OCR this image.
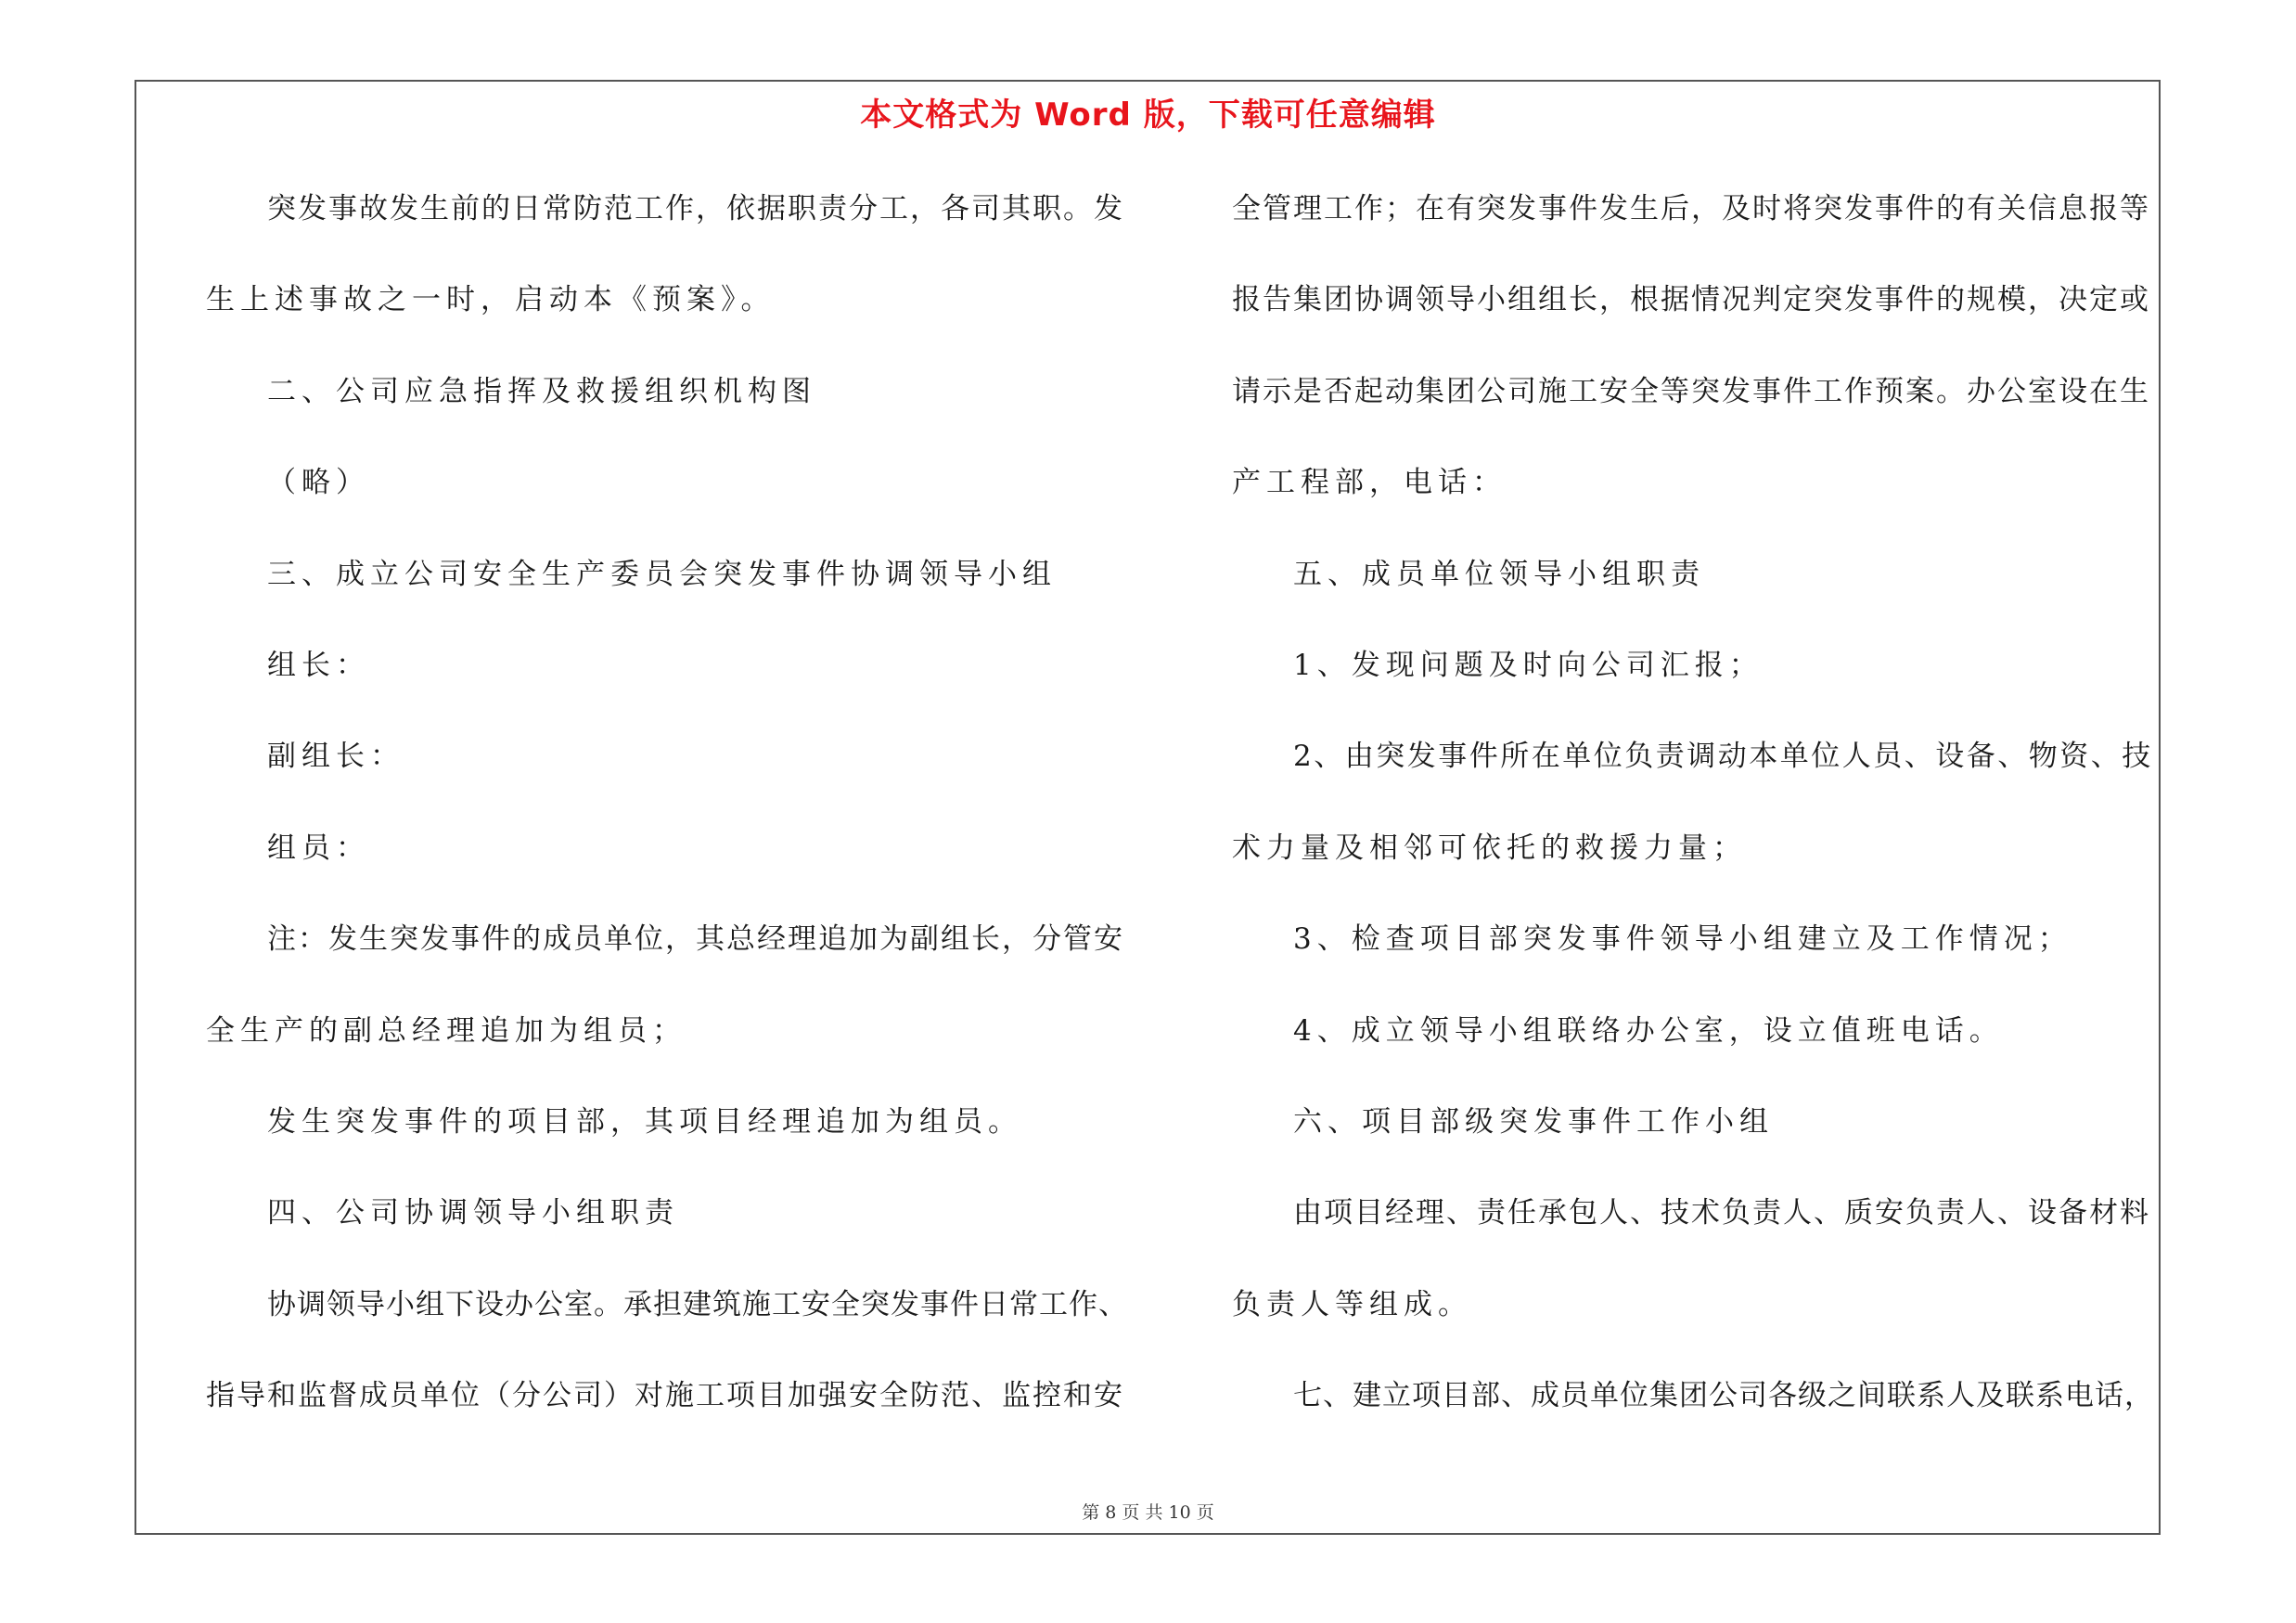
本文格式为 Word 版，下载可任意编辑
突发事故发生前的日常防范工作，依据职责分工，各司其职。发
生上述事故之一时，启动本《预案》。
二、公司应急指挥及救援组织机构图
（略）
三、成立公司安全生产委员会突发事件协调领导小组
组长：
副组长：
组员：
注：发生突发事件的成员单位，其总经理追加为副组长，分管安
全生产的副总经理追加为组员；
发生突发事件的项目部，其项目经理追加为组员。
四、公司协调领导小组职责
协调领导小组下设办公室。承担建筑施工安全突发事件日常工作、
指导和监督成员单位（分公司）对施工项目加强安全防范、监控和安
全管理工作；在有突发事件发生后，及时将突发事件的有关信息报等
报告集团协调领导小组组长，根据情况判定突发事件的规模，决定或
请示是否起动集团公司施工安全等突发事件工作预案。办公室设在生
产工程部，电话：
五、成员单位领导小组职责
1、发现问题及时向公司汇报；
2、由突发事件所在单位负责调动本单位人员、设备、物资、技
术力量及相邻可依托的救援力量；
3、检查项目部突发事件领导小组建立及工作情况；
4、成立领导小组联络办公室，设立值班电话。
六、项目部级突发事件工作小组
由项目经理、责任承包人、技术负责人、质安负责人、设备材料
负责人等组成。
七、建立项目部、成员单位集团公司各级之间联系人及联系电话，
第 8 页 共 10 页
